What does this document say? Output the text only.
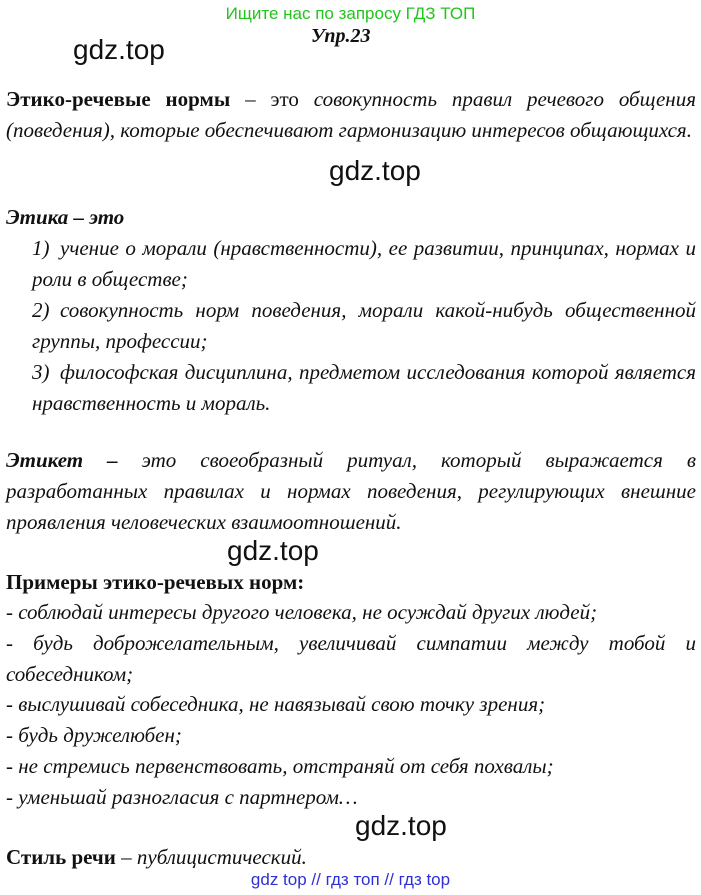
Ищите нас по запросу ГДЗ ТОП
Упр.23
gdz.top
Этико-речевые нормы – это совокупность правил речевого общения (поведения), которые обеспечивают гармонизацию интересов общающихся.
gdz.top
Этика – это
1) учение о морали (нравственности), ее развитии, принципах, нормах и роли в обществе;
2) совокупность норм поведения, морали какой-нибудь общественной группы, профессии;
3) философская дисциплина, предметом исследования которой является нравственность и мораль.
Этикет – это своеобразный ритуал, который выражается в разработанных правилах и нормах поведения, регулирующих внешние проявления человеческих взаимоотношений.
gdz.top
Примеры этико-речевых норм:
- соблюдай интересы другого человека, не осуждай других людей;
- будь доброжелательным, увеличивай симпатии между тобой и
собеседником;
- выслушивай собеседника, не навязывай свою точку зрения;
- будь дружелюбен;
- не стремись первенствовать, отстраняй от себя похвалы;
- уменьшай разногласия с партнером…
gdz.top
Стиль речи – публицистический.
gdz top // гдз топ // гдз top
